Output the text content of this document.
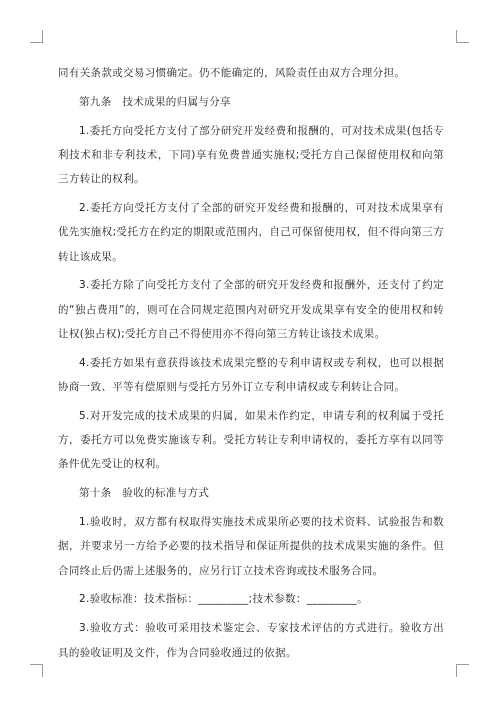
同有关条款或交易习惯确定。仍不能确定的，风险责任由双方合理分担。

第九条　技术成果的归属与分享

1.委托方向受托方支付了部分研究开发经费和报酬的，可对技术成果(包括专利技术和非专利技术，下同)享有免费普通实施权;受托方自己保留使用权和向第三方转让的权利。

2.委托方向受托方支付了全部的研究开发经费和报酬的，可对技术成果享有优先实施权;受托方在约定的期限或范围内，自己可保留使用权，但不得向第三方转让该成果。

3.委托方除了向受托方支付了全部的研究开发经费和报酬外，还支付了约定的“独占费用”的，则可在合同规定范围内对研究开发成果享有安全的使用权和转让权(独占权);受托方自己不得使用亦不得向第三方转让该技术成果。

4.委托方如果有意获得该技术成果完整的专利申请权或专利权，也可以根据协商一致、平等有偿原则与受托方另外订立专利申请权或专利转让合同。

5.对开发完成的技术成果的归属，如果未作约定，申请专利的权利属于受托方，委托方可以免费实施该专利。受托方转让专利申请权的，委托方享有以同等条件优先受让的权利。

第十条　验收的标准与方式

1.验收时，双方都有权取得实施技术成果所必要的技术资料、试验报告和数据，并要求另一方给予必要的技术指导和保证所提供的技术成果实施的条件。但合同终止后仍需上述服务的，应另行订立技术咨询或技术服务合同。

2.验收标准：技术指标：_________;技术参数：_________。

3.验收方式：验收可采用技术鉴定会、专家技术评估的方式进行。验收方出具的验收证明及文件，作为合同验收通过的依据。
